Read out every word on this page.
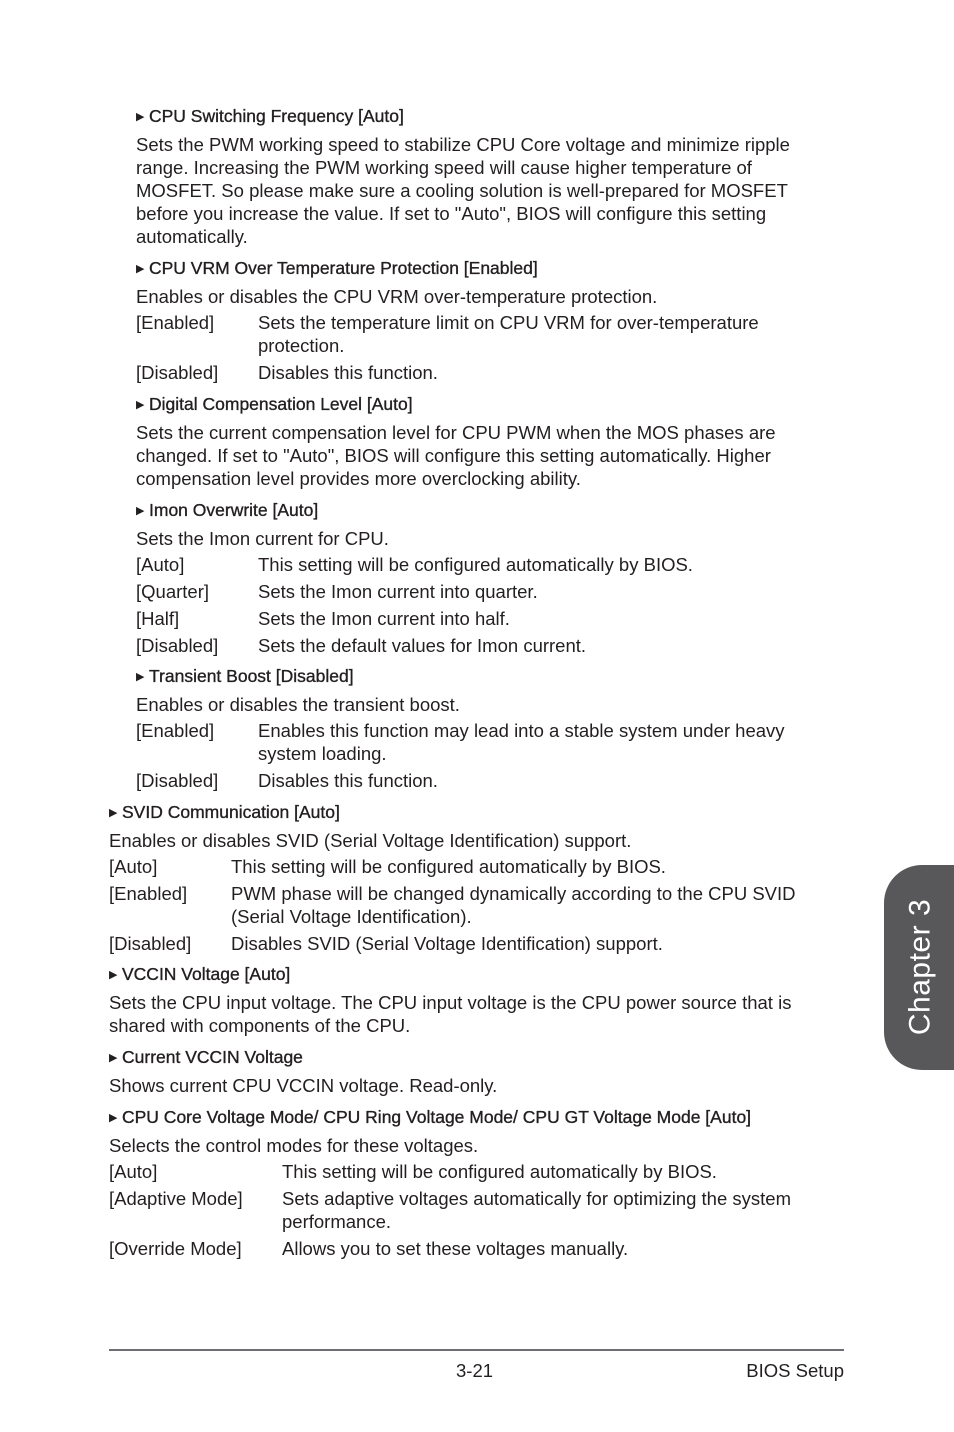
▶ CPU Switching Frequency [Auto]

Sets the PWM working speed to stabilize CPU Core voltage and minimize ripple range. Increasing the PWM working speed will cause higher temperature of MOSFET. So please make sure a cooling solution is well-prepared for MOSFET before you increase the value. If set to "Auto", BIOS will configure this setting automatically.

▶ CPU VRM Over Temperature Protection [Enabled]

Enables or disables the CPU VRM over-temperature protection.

[Enabled]	Sets the temperature limit on CPU VRM for over-temperature protection.
[Disabled]	Disables this function.
▶ Digital Compensation Level [Auto]

Sets the current compensation level for CPU PWM when the MOS phases are changed. If set to "Auto", BIOS will configure this setting automatically. Higher compensation level provides more overclocking ability.

▶ Imon Overwrite [Auto]

Sets the Imon current for CPU.

[Auto]	This setting will be configured automatically by BIOS.
[Quarter]	Sets the Imon current into quarter.
[Half]	Sets the Imon current into half.
[Disabled]	Sets the default values for Imon current.
▶ Transient Boost [Disabled]

Enables or disables the transient boost.

[Enabled]	Enables this function may lead into a stable system under heavy system loading.
[Disabled]	Disables this function.
▶ SVID Communication [Auto]

Enables or disables SVID (Serial Voltage Identification) support.

[Auto]	This setting will be configured automatically by BIOS.
[Enabled]	PWM phase will be changed dynamically according to the CPU SVID (Serial Voltage Identification).
[Disabled]	Disables SVID (Serial Voltage Identification) support.
▶ VCCIN Voltage [Auto]

Sets the CPU input voltage. The CPU input voltage is the CPU power source that is shared with components of the CPU.

▶ Current VCCIN Voltage

Shows current CPU VCCIN voltage. Read-only.

▶ CPU Core Voltage Mode/ CPU Ring Voltage Mode/ CPU GT Voltage Mode [Auto]

Selects the control modes for these voltages.

[Auto]	This setting will be configured automatically by BIOS.
[Adaptive Mode]	Sets adaptive voltages automatically for optimizing the system performance.
[Override Mode]	Allows you to set these voltages manually.
Chapter 3
3-21	BIOS Setup
